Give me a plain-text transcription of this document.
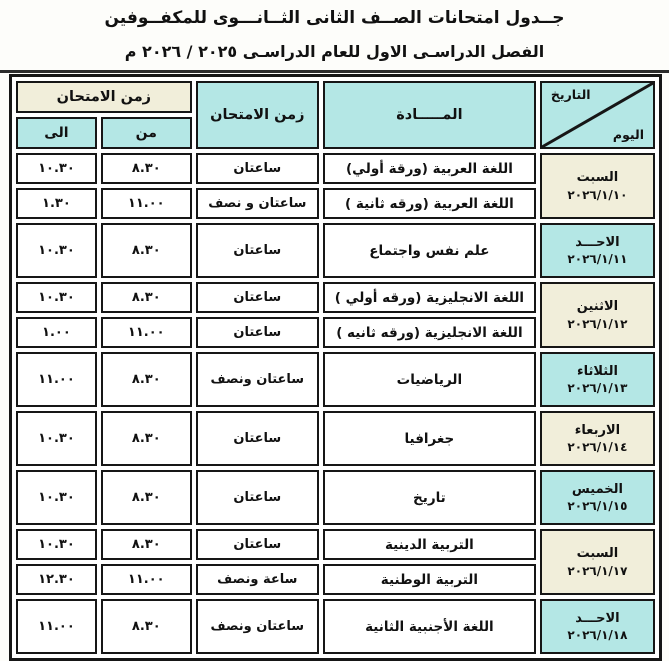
جــدول امتحانات الصــف الثانى الثــانـــوى للمكفــوفين
الفصل الدراسـى الاول للعام الدراسـى ٢٠٢٥ / ٢٠٢٦ م
التاريخ
اليوم	المـــــادة	زمن الامتحان	زمن الامتحان	
			من	الى

السبت
٢٠٢٦/١/١٠	اللغة العربية (ورقة أولي)	ساعتان	٨.٣٠	١٠.٣٠
	اللغة العربية (ورقه ثانية )	ساعتان و نصف	١١.٠٠	١.٣٠

الاحـــد
٢٠٢٦/١/١١	علم نفس واجتماع	ساعتان	٨.٣٠	١٠.٣٠

الاثنين
٢٠٢٦/١/١٢	اللغة الانجليزية (ورقه أولي )	ساعتان	٨.٣٠	١٠.٣٠
	اللغة الانجليزية (ورقه ثانيه )	ساعتان	١١.٠٠	١.٠٠

الثلاثاء
٢٠٢٦/١/١٣	الرياضيات	ساعتان ونصف	٨.٣٠	١١.٠٠

الاربعاء
٢٠٢٦/١/١٤	جغرافيا	ساعتان	٨.٣٠	١٠.٣٠

الخميس
٢٠٢٦/١/١٥	تاريخ	ساعتان	٨.٣٠	١٠.٣٠

السبت
٢٠٢٦/١/١٧	التربية الدينية	ساعتان	٨.٣٠	١٠.٣٠
	التربية الوطنية	ساعة ونصف	١١.٠٠	١٢.٣٠

الاحـــد
٢٠٢٦/١/١٨	اللغة الأجنبية الثانية	ساعتان ونصف	٨.٣٠	١١.٠٠
